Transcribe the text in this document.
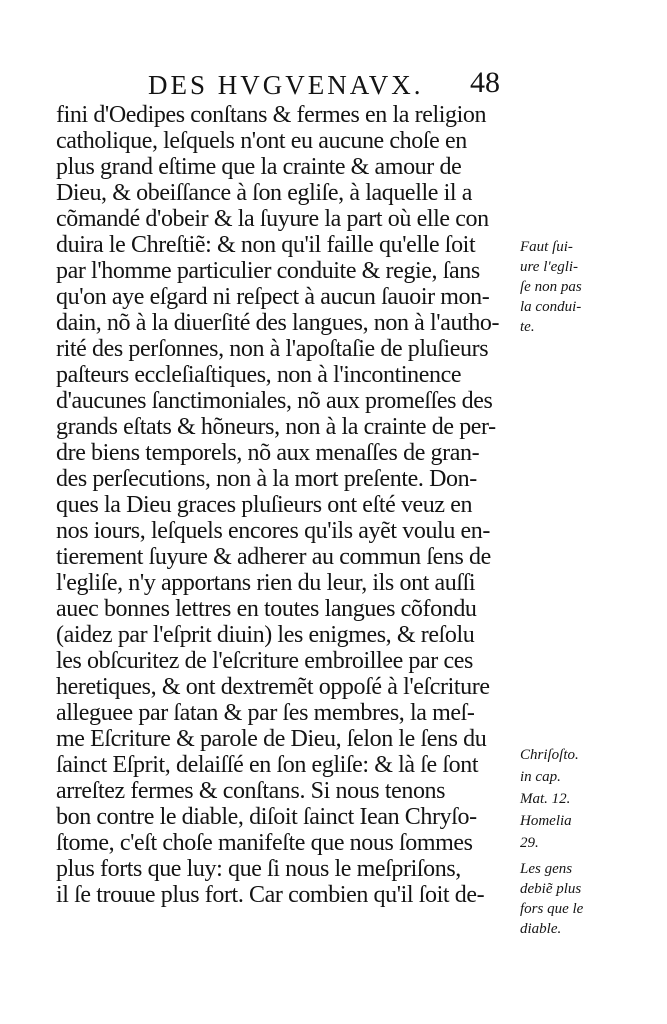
DES HVGVENAVX. 48
fini d'Oedipes conſtans & fermes en la religion
catholique, leſquels n'ont eu aucune choſe en
plus grand eſtime que la crainte & amour de
Dieu, & obeiſſance à ſon egliſe, à laquelle il a
cõmandé d'obeir & la ſuyure la part où elle con
duira le Chreſtiẽ: & non qu'il faille qu'elle ſoit
par l'homme particulier conduite & regie, ſans
qu'on aye eſgard ni reſpect à aucun ſauoir mon-
dain, nõ à la diuerſité des langues, non à l'autho-
rité des perſonnes, non à l'apoſtaſie de pluſieurs
paſteurs eccleſiaſtiques, non à l'incontinence
d'aucunes ſanctimoniales, nõ aux promeſſes des
grands eſtats & hõneurs, non à la crainte de per-
dre biens temporels, nõ aux menaſſes de gran-
des perſecutions, non à la mort preſente. Don-
ques la Dieu graces pluſieurs ont eſté veuz en
nos iours, leſquels encores qu'ils ayẽt voulu en-
tierement ſuyure & adherer au commun ſens de
l'egliſe, n'y apportans rien du leur, ils ont auſſi
auec bonnes lettres en toutes langues cõfondu
(aidez par l'eſprit diuin) les enigmes, & reſolu
les obſcuritez de l'eſcriture embroillee par ces
heretiques, & ont dextremẽt oppoſé à l'eſcriture
alleguee par ſatan & par ſes membres, la meſ-
me Eſcriture & parole de Dieu, ſelon le ſens du
ſainct Eſprit, delaiſſé en ſon egliſe: & là ſe ſont
arreſtez fermes & conſtans. Si nous tenons
bon contre le diable, diſoit ſainct Iean Chryſo-
ſtome, c'eſt choſe manifeſte que nous ſommes
plus forts que luy: que ſi nous le meſpriſons,
il ſe trouue plus fort. Car combien qu'il ſoit de-
Faut ſui-
ure l'egli-
ſe non pas
la condui-
te.
Chriſoſto.
in cap.
Mat. 12.
Homelia
29.
Les gens
debiẽ plus
fors que le
diable.
